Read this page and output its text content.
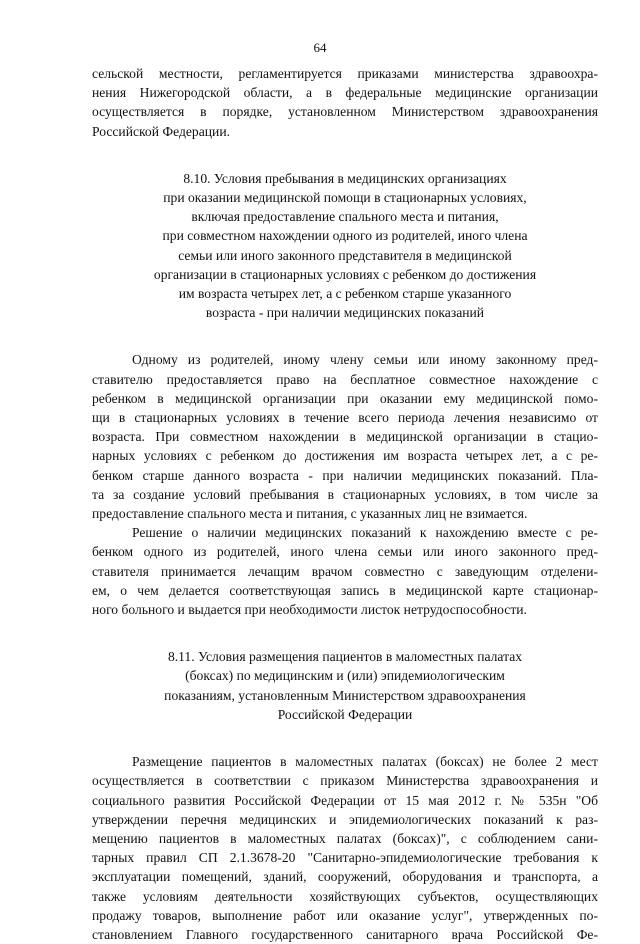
64
сельской местности, регламентируется приказами министерства здравоохра-
нения Нижегородской области, а в федеральные медицинские организации
осуществляется в порядке, установленном Министерством здравоохранения
Российской Федерации.
8.10. Условия пребывания в медицинских организациях
при оказании медицинской помощи в стационарных условиях,
включая предоставление спального места и питания,
при совместном нахождении одного из родителей, иного члена
семьи или иного законного представителя в медицинской
организации в стационарных условиях с ребенком до достижения
им возраста четырех лет, а с ребенком старше указанного
возраста - при наличии медицинских показаний
Одному из родителей, иному члену семьи или иному законному пред-
ставителю предоставляется право на бесплатное совместное нахождение с
ребенком в медицинской организации при оказании ему медицинской помо-
щи в стационарных условиях в течение всего периода лечения независимо от
возраста. При совместном нахождении в медицинской организации в стацио-
нарных условиях с ребенком до достижения им возраста четырех лет, а с ре-
бенком старше данного возраста - при наличии медицинских показаний. Пла-
та за создание условий пребывания в стационарных условиях, в том числе за
предоставление спального места и питания, с указанных лиц не взимается.
Решение о наличии медицинских показаний к нахождению вместе с ре-
бенком одного из родителей, иного члена семьи или иного законного пред-
ставителя принимается лечащим врачом совместно с заведующим отделени-
ем, о чем делается соответствующая запись в медицинской карте стационар-
ного больного и выдается при необходимости листок нетрудоспособности.
8.11. Условия размещения пациентов в маломестных палатах
(боксах) по медицинским и (или) эпидемиологическим
показаниям, установленным Министерством здравоохранения
Российской Федерации
Размещение пациентов в маломестных палатах (боксах) не более 2 мест
осуществляется в соответствии с приказом Министерства здравоохранения и
социального развития Российской Федерации от 15 мая 2012 г. № 535н "Об
утверждении перечня медицинских и эпидемиологических показаний к раз-
мещению пациентов в маломестных палатах (боксах)", с соблюдением сани-
тарных правил СП 2.1.3678-20 "Санитарно-эпидемиологические требования к
эксплуатации помещений, зданий, сооружений, оборудования и транспорта, а
также условиям деятельности хозяйствующих субъектов, осуществляющих
продажу товаров, выполнение работ или оказание услуг", утвержденных по-
становлением Главного государственного санитарного врача Российской Фе-
